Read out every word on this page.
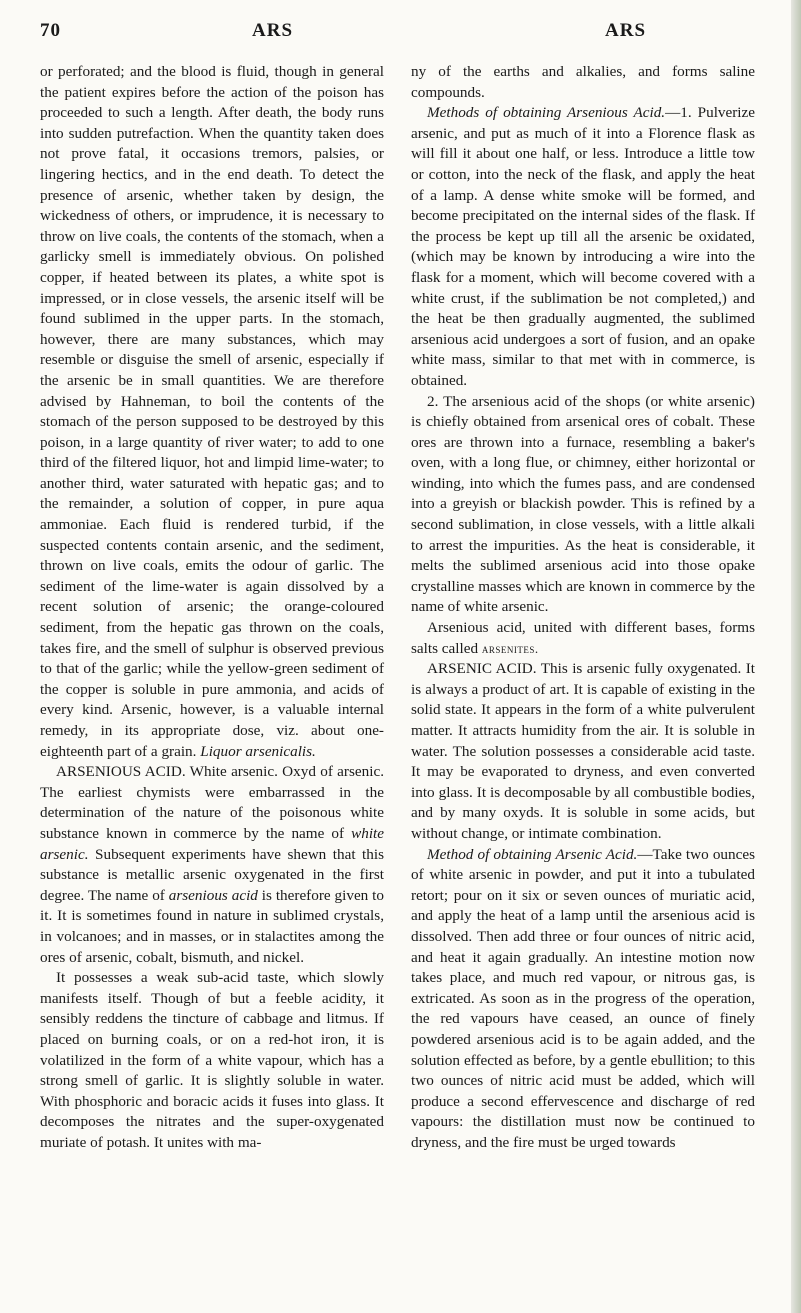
70	ARS	ARS

or perforated; and the blood is fluid, though in general the patient expires before the action of the poison has proceeded to such a length. After death, the body runs into sudden putrefaction. When the quantity taken does not prove fatal, it occasions tremors, palsies, or lingering hectics, and in the end death. To detect the presence of arsenic, whether taken by design, the wickedness of others, or imprudence, it is necessary to throw on live coals, the contents of the stomach, when a garlicky smell is immediately obvious. On polished copper, if heated between its plates, a white spot is impressed, or in close vessels, the arsenic itself will be found sublimed in the upper parts. In the stomach, however, there are many substances, which may resemble or disguise the smell of arsenic, especially if the arsenic be in small quantities. We are therefore advised by Hahneman, to boil the contents of the stomach of the person supposed to be destroyed by this poison, in a large quantity of river water; to add to one third of the filtered liquor, hot and limpid lime-water; to another third, water saturated with hepatic gas; and to the remainder, a solution of copper, in pure aqua ammoniae. Each fluid is rendered turbid, if the suspected contents contain arsenic, and the sediment, thrown on live coals, emits the odour of garlic. The sediment of the lime-water is again dissolved by a recent solution of arsenic; the orange-coloured sediment, from the hepatic gas thrown on the coals, takes fire, and the smell of sulphur is observed previous to that of the garlic; while the yellow-green sediment of the copper is soluble in pure ammonia, and acids of every kind. Arsenic, however, is a valuable internal remedy, in its appropriate dose, viz. about one-eighteenth part of a grain. Liquor arsenicalis.

ARSENIOUS ACID. White arsenic. Oxyd of arsenic. The earliest chymists were embarrassed in the determination of the nature of the poisonous white substance known in commerce by the name of white arsenic. Subsequent experiments have shewn that this substance is metallic arsenic oxygenated in the first degree. The name of arsenious acid is therefore given to it. It is sometimes found in nature in sublimed crystals, in volcanoes; and in masses, or in stalactites among the ores of arsenic, cobalt, bismuth, and nickel.

It possesses a weak sub-acid taste, which slowly manifests itself. Though of but a feeble acidity, it sensibly reddens the tincture of cabbage and litmus. If placed on burning coals, or on a red-hot iron, it is volatilized in the form of a white vapour, which has a strong smell of garlic. It is slightly soluble in water. With phosphoric and boracic acids it fuses into glass. It decomposes the nitrates and the super-oxygenated muriate of potash. It unites with ma-

ny of the earths and alkalies, and forms saline compounds.

Methods of obtaining Arsenious Acid.—1. Pulverize arsenic, and put as much of it into a Florence flask as will fill it about one half, or less. Introduce a little tow or cotton, into the neck of the flask, and apply the heat of a lamp. A dense white smoke will be formed, and become precipitated on the internal sides of the flask. If the process be kept up till all the arsenic be oxidated, (which may be known by introducing a wire into the flask for a moment, which will become covered with a white crust, if the sublimation be not completed,) and the heat be then gradually augmented, the sublimed arsenious acid undergoes a sort of fusion, and an opake white mass, similar to that met with in commerce, is obtained.

2. The arsenious acid of the shops (or white arsenic) is chiefly obtained from arsenical ores of cobalt. These ores are thrown into a furnace, resembling a baker's oven, with a long flue, or chimney, either horizontal or winding, into which the fumes pass, and are condensed into a greyish or blackish powder. This is refined by a second sublimation, in close vessels, with a little alkali to arrest the impurities. As the heat is considerable, it melts the sublimed arsenious acid into those opake crystalline masses which are known in commerce by the name of white arsenic.

Arsenious acid, united with different bases, forms salts called arsenites.

ARSENIC ACID. This is arsenic fully oxygenated. It is always a product of art. It is capable of existing in the solid state. It appears in the form of a white pulverulent matter. It attracts humidity from the air. It is soluble in water. The solution possesses a considerable acid taste. It may be evaporated to dryness, and even converted into glass. It is decomposable by all combustible bodies, and by many oxyds. It is soluble in some acids, but without change, or intimate combination.

Method of obtaining Arsenic Acid.—Take two ounces of white arsenic in powder, and put it into a tubulated retort; pour on it six or seven ounces of muriatic acid, and apply the heat of a lamp until the arsenious acid is dissolved. Then add three or four ounces of nitric acid, and heat it again gradually. An intestine motion now takes place, and much red vapour, or nitrous gas, is extricated. As soon as in the progress of the operation, the red vapours have ceased, an ounce of finely powdered arsenious acid is to be again added, and the solution effected as before, by a gentle ebullition; to this two ounces of nitric acid must be added, which will produce a second effervescence and discharge of red vapours: the distillation must now be continued to dryness, and the fire must be urged towards
